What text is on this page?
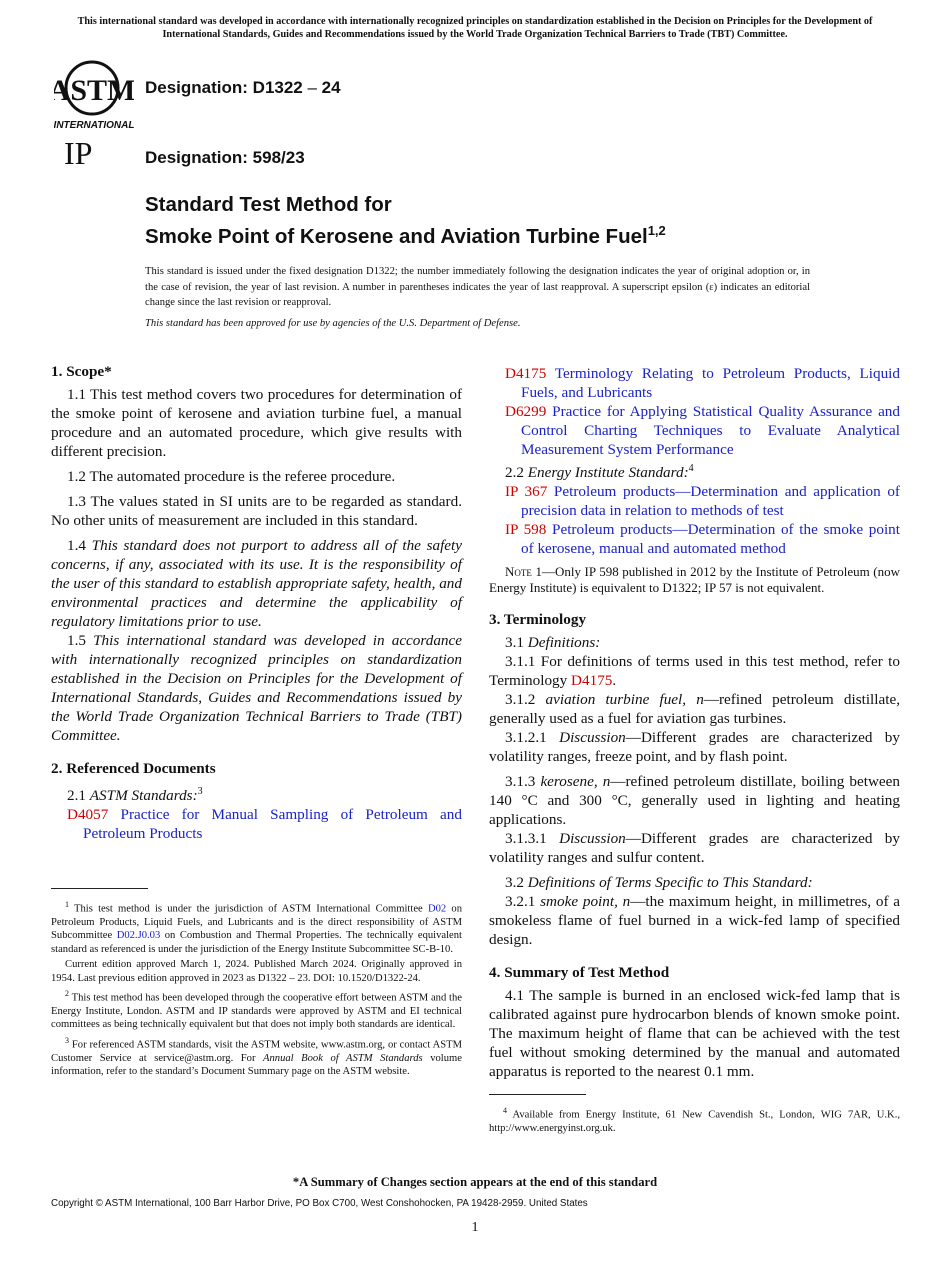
This international standard was developed in accordance with internationally recognized principles on standardization established in the Decision on Principles for the Development of International Standards, Guides and Recommendations issued by the World Trade Organization Technical Barriers to Trade (TBT) Committee.
ASTM
INTERNATIONAL
Designation: D1322 – 24
IP	Designation: 598/23
Standard Test Method for
Smoke Point of Kerosene and Aviation Turbine Fuel$^{1,2}$
This standard is issued under the fixed designation D1322; the number immediately following the designation indicates the year of original adoption or, in the case of revision, the year of last revision. A number in parentheses indicates the year of last reapproval. A superscript epsilon (ε) indicates an editorial change since the last revision or reapproval.
This standard has been approved for use by agencies of the U.S. Department of Defense.

1. Scope*

1.1 This test method covers two procedures for determination of the smoke point of kerosene and aviation turbine fuel, a manual procedure and an automated procedure, which give results with different precision.

1.2 The automated procedure is the referee procedure.

1.3 The values stated in SI units are to be regarded as standard. No other units of measurement are included in this standard.

1.4 This standard does not purport to address all of the safety concerns, if any, associated with its use. It is the responsibility of the user of this standard to establish appropriate safety, health, and environmental practices and determine the applicability of regulatory limitations prior to use.

1.5 This international standard was developed in accordance with internationally recognized principles on standardization established in the Decision on Principles for the Development of International Standards, Guides and Recommendations issued by the World Trade Organization Technical Barriers to Trade (TBT) Committee.

2. Referenced Documents

2.1 ASTM Standards:$^3$

D4057 Practice for Manual Sampling of Petroleum and Petroleum Products

$^1$ This test method is under the jurisdiction of ASTM International Committee D02 on Petroleum Products, Liquid Fuels, and Lubricants and is the direct responsibility of ASTM Subcommittee D02.J0.03 on Combustion and Thermal Properties. The technically equivalent standard as referenced is under the jurisdiction of the Energy Institute Subcommittee SC-B-10.

Current edition approved March 1, 2024. Published March 2024. Originally approved in 1954. Last previous edition approved in 2023 as D1322 – 23. DOI: 10.1520/D1322-24.

$^2$ This test method has been developed through the cooperative effort between ASTM and the Energy Institute, London. ASTM and IP standards were approved by ASTM and EI technical committees as being technically equivalent but that does not imply both standards are identical.

$^3$ For referenced ASTM standards, visit the ASTM website, www.astm.org, or contact ASTM Customer Service at service@astm.org. For Annual Book of ASTM Standards volume information, refer to the standard’s Document Summary page on the ASTM website.

D4175 Terminology Relating to Petroleum Products, Liquid Fuels, and Lubricants

D6299 Practice for Applying Statistical Quality Assurance and Control Charting Techniques to Evaluate Analytical Measurement System Performance

2.2 Energy Institute Standard:$^4$

IP 367 Petroleum products—Determination and application of precision data in relation to methods of test

IP 598 Petroleum products—Determination of the smoke point of kerosene, manual and automated method

Note 1—Only IP 598 published in 2012 by the Institute of Petroleum (now Energy Institute) is equivalent to D1322; IP 57 is not equivalent.

3. Terminology

3.1 Definitions:

3.1.1 For definitions of terms used in this test method, refer to Terminology D4175.

3.1.2 aviation turbine fuel, n—refined petroleum distillate, generally used as a fuel for aviation gas turbines.

3.1.2.1 Discussion—Different grades are characterized by volatility ranges, freeze point, and by flash point.

3.1.3 kerosene, n—refined petroleum distillate, boiling between 140 °C and 300 °C, generally used in lighting and heating applications.

3.1.3.1 Discussion—Different grades are characterized by volatility ranges and sulfur content.

3.2 Definitions of Terms Specific to This Standard:

3.2.1 smoke point, n—the maximum height, in millimetres, of a smokeless flame of fuel burned in a wick-fed lamp of specified design.

4. Summary of Test Method

4.1 The sample is burned in an enclosed wick-fed lamp that is calibrated against pure hydrocarbon blends of known smoke point. The maximum height of flame that can be achieved with the test fuel without smoking determined by the manual and automated apparatus is reported to the nearest 0.1 mm.

$^4$ Available from Energy Institute, 61 New Cavendish St., London, WIG 7AR, U.K., http://www.energyinst.org.uk.

*A Summary of Changes section appears at the end of this standard
Copyright © ASTM International, 100 Barr Harbor Drive, PO Box C700, West Conshohocken, PA 19428-2959. United States
1
